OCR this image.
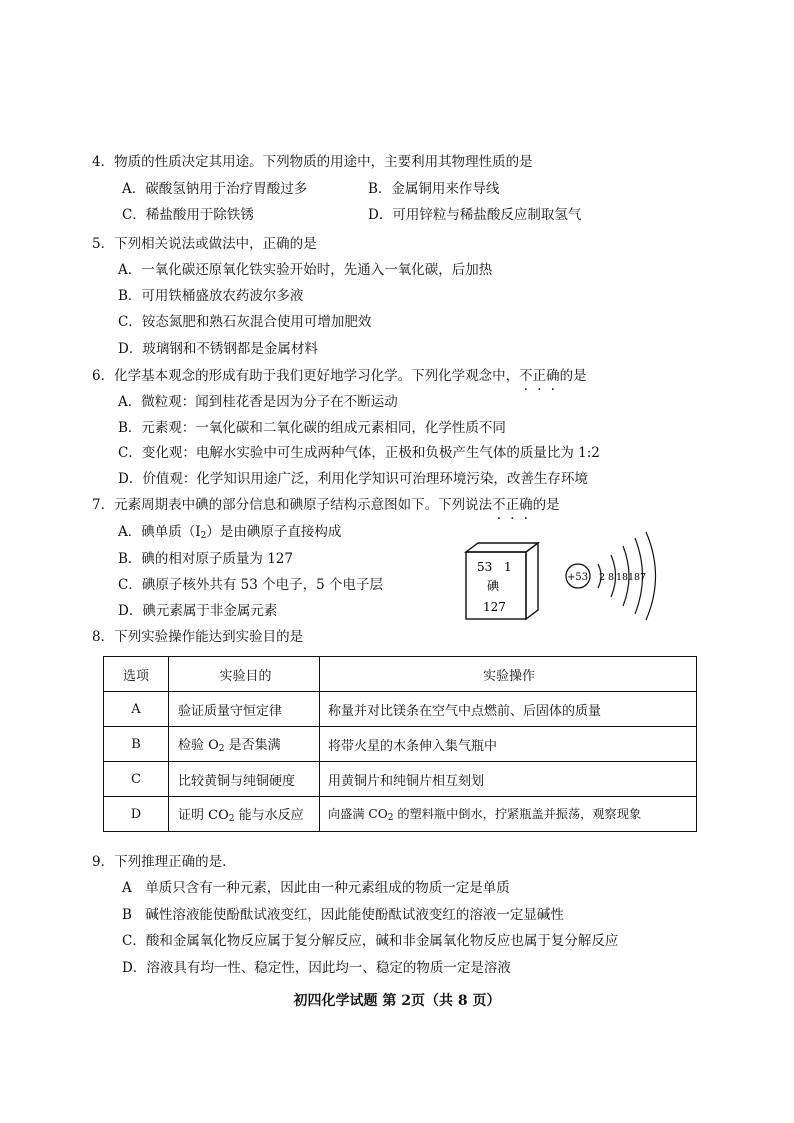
4．物质的性质决定其用途。下列物质的用途中，主要利用其物理性质的是
A．碳酸氢钠用于治疗胃酸过多	B．金属铜用来作导线
C．稀盐酸用于除铁锈	D．可用锌粒与稀盐酸反应制取氢气
5．下列相关说法或做法中，正确的是
A．一氧化碳还原氧化铁实验开始时，先通入一氧化碳，后加热
B．可用铁桶盛放农药波尔多液
C．铵态氮肥和熟石灰混合使用可增加肥效
D．玻璃钢和不锈钢都是金属材料
6．化学基本观念的形成有助于我们更好地学习化学。下列化学观念中，不正确的是
A．微粒观：闻到桂花香是因为分子在不断运动
B．元素观：一氧化碳和二氧化碳的组成元素相同，化学性质不同
C．变化观：电解水实验中可生成两种气体，正极和负极产生气体的质量比为 1:2
D．价值观：化学知识用途广泛，利用化学知识可治理环境污染，改善生存环境
7．元素周期表中碘的部分信息和碘原子结构示意图如下。下列说法不正确的是
A．碘单质$(I_2)$是由碘原子直接构成
B．碘的相对原子质量为 127
C．碘原子核外共有 53 个电子，5 个电子层
D．碘元素属于非金属元素
53 1
碘
127
+53 2 8 18 18 7
8．下列实验操作能达到实验目的是
选项	实验目的	实验操作
A	验证质量守恒定律	称量并对比镁条在空气中点燃前、后固体的质量
B	检验 $O_2$ 是否集满	将带火星的木条伸入集气瓶中
C	比较黄铜与纯铜硬度	用黄铜片和纯铜片相互刻划
D	证明 $CO_2$ 能与水反应	向盛满 $CO_2$ 的塑料瓶中倒水，拧紧瓶盖并振荡，观察现象
9．下列推理正确的是.
A　单质只含有一种元素，因此由一种元素组成的物质一定是单质
B　碱性溶液能使酚酞试液变红，因此能使酚酞试液变红的溶液一定显碱性
C．酸和金属氧化物反应属于复分解反应，碱和非金属氧化物反应也属于复分解反应
D．溶液具有均一性、稳定性，因此均一、稳定的物质一定是溶液
初四化学试题 第 2页（共 8 页）
